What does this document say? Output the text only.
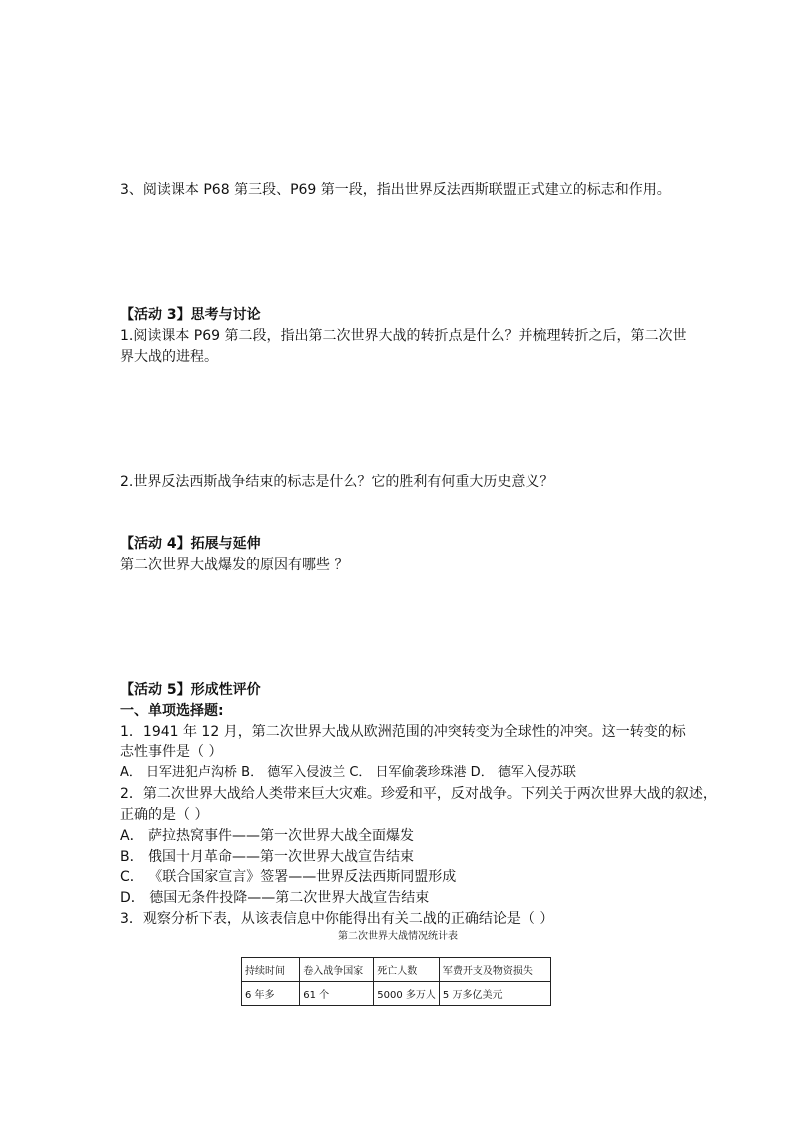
3、阅读课本 P68 第三段、P69 第一段，指出世界反法西斯联盟正式建立的标志和作用。
【活动 3】思考与讨论
1.阅读课本 P69 第二段，指出第二次世界大战的转折点是什么？并梳理转折之后，第二次世
界大战的进程。
2.世界反法西斯战争结束的标志是什么？它的胜利有何重大历史意义？
【活动 4】拓展与延伸
第二次世界大战爆发的原因有哪些 ？
【活动 5】形成性评价
一、单项选择题:
1．1941 年 12 月，第二次世界大战从欧洲范围的冲突转变为全球性的冲突。这一转变的标
志性事件是（ ）
A． 日军进犯卢沟桥 B． 德军入侵波兰 C． 日军偷袭珍珠港 D． 德军入侵苏联
2．第二次世界大战给人类带来巨大灾难。珍爱和平，反对战争。下列关于两次世界大战的叙述，
正确的是（ ）
A． 萨拉热窝事件——第一次世界大战全面爆发
B． 俄国十月革命——第一次世界大战宣告结束
C． 《联合国家宣言》签署——世界反法西斯同盟形成
D． 德国无条件投降——第二次世界大战宣告结束
3．观察分析下表，从该表信息中你能得出有关二战的正确结论是（ ）
第二次世界大战情况统计表
持续时间	卷入战争国家	死亡人数	军费开支及物资损失
6 年多	61 个	5000 多万人	5 万多亿美元
